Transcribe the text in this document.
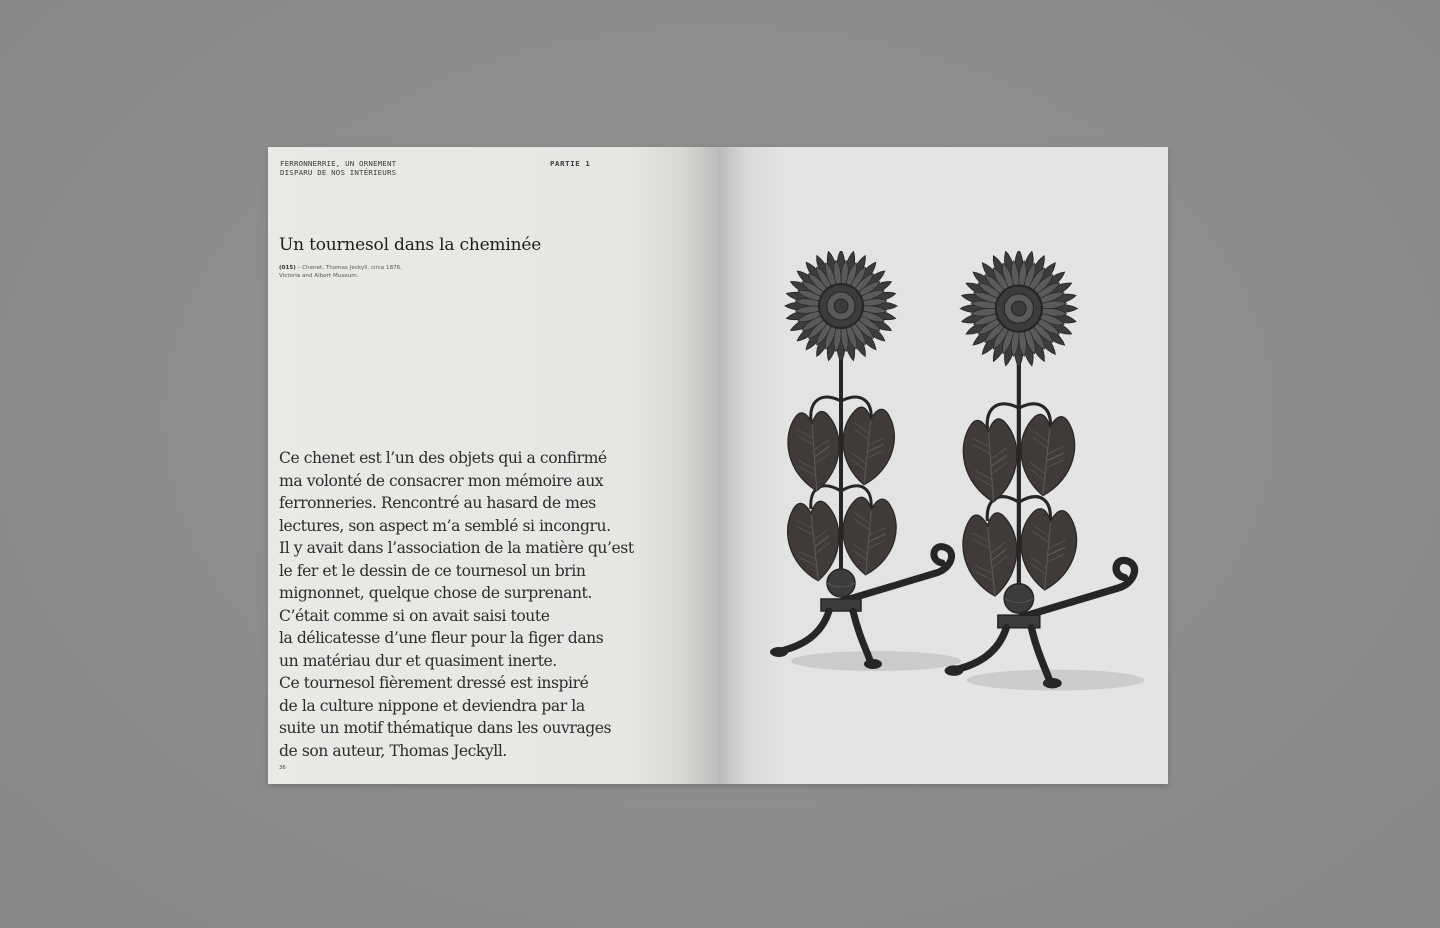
FERRONNERRIE, UN ORNEMENT
DISPARU DE NOS INTÉRIEURS
PARTIE 1
Un tournesol dans la cheminée
(015) – Chenet, Thomas Jeckyll, circa 1876,
Victoria and Albert Museum.
Ce chenet est l’un des objets qui a confirmé
ma volonté de consacrer mon mémoire aux
ferronneries. Rencontré au hasard de mes
lectures, son aspect m’a semblé si incongru.
Il y avait dans l’association de la matière qu’est
le fer et le dessin de ce tournesol un brin
mignonnet, quelque chose de surprenant.
C’était comme si on avait saisi toute
la délicatesse d’une fleur pour la figer dans
un matériau dur et quasiment inerte.
Ce tournesol fièrement dressé est inspiré
de la culture nippone et deviendra par la
suite un motif thématique dans les ouvrages
de son auteur, Thomas Jeckyll.
36
